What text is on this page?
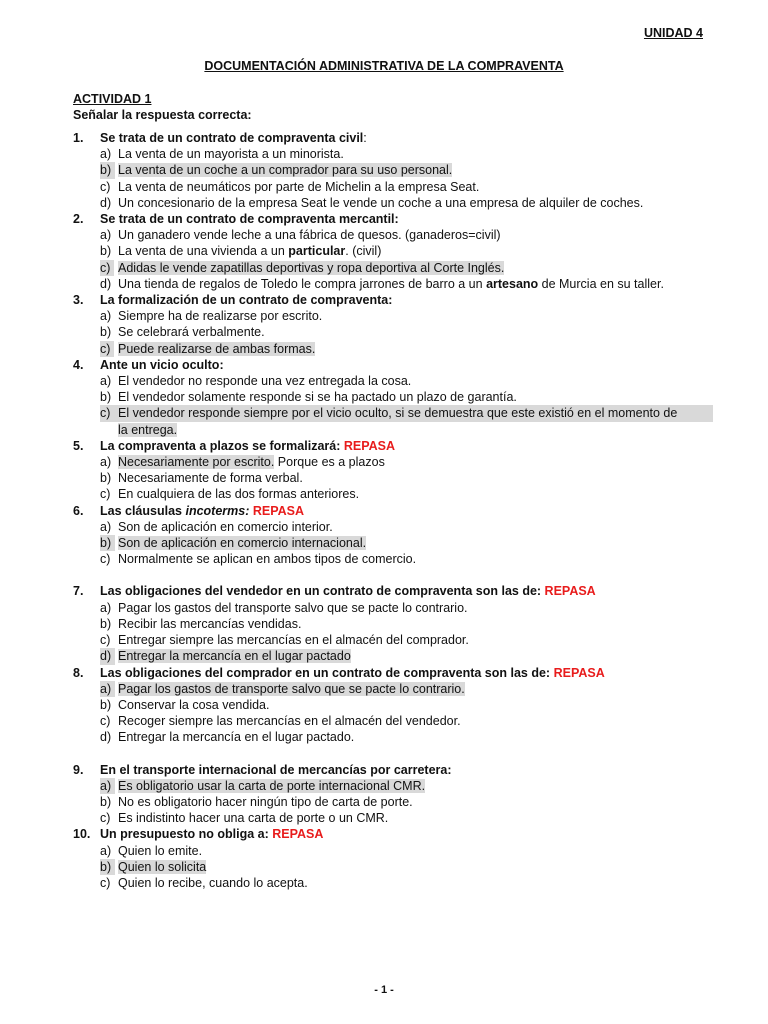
UNIDAD 4
DOCUMENTACIÓN ADMINISTRATIVA DE LA COMPRAVENTA
ACTIVIDAD 1
Señalar la respuesta correcta:
1. Se trata de un contrato de compraventa civil:
a) La venta de un mayorista a un minorista.
b) La venta de un coche a un comprador para su uso personal.
c) La venta de neumáticos por parte de Michelin a la empresa Seat.
d) Un concesionario de la empresa Seat le vende un coche a una empresa de alquiler de coches.
2. Se trata de un contrato de compraventa mercantil:
a) Un ganadero vende leche a una fábrica de quesos. (ganaderos=civil)
b) La venta de una vivienda a un particular. (civil)
c) Adidas le vende zapatillas deportivas y ropa deportiva al Corte Inglés.
d) Una tienda de regalos de Toledo le compra jarrones de barro a un artesano de Murcia en su taller.
3. La formalización de un contrato de compraventa:
a) Siempre ha de realizarse por escrito.
b) Se celebrará verbalmente.
c) Puede realizarse de ambas formas.
4. Ante un vicio oculto:
a) El vendedor no responde una vez entregada la cosa.
b) El vendedor solamente responde si se ha pactado un plazo de garantía.
c) El vendedor responde siempre por el vicio oculto, si se demuestra que este existió en el momento de
la entrega.
5. La compraventa a plazos se formalizará: REPASA
a) Necesariamente por escrito. Porque es a plazos
b) Necesariamente de forma verbal.
c) En cualquiera de las dos formas anteriores.
6. Las cláusulas incoterms: REPASA
a) Son de aplicación en comercio interior.
b) Son de aplicación en comercio internacional.
c) Normalmente se aplican en ambos tipos de comercio.
7. Las obligaciones del vendedor en un contrato de compraventa son las de: REPASA
a) Pagar los gastos del transporte salvo que se pacte lo contrario.
b) Recibir las mercancías vendidas.
c) Entregar siempre las mercancías en el almacén del comprador.
d) Entregar la mercancía en el lugar pactado
8. Las obligaciones del comprador en un contrato de compraventa son las de: REPASA
a) Pagar los gastos de transporte salvo que se pacte lo contrario.
b) Conservar la cosa vendida.
c) Recoger siempre las mercancías en el almacén del vendedor.
d) Entregar la mercancía en el lugar pactado.
9. En el transporte internacional de mercancías por carretera:
a) Es obligatorio usar la carta de porte internacional CMR.
b) No es obligatorio hacer ningún tipo de carta de porte.
c) Es indistinto hacer una carta de porte o un CMR.
10. Un presupuesto no obliga a: REPASA
a) Quien lo emite.
b) Quien lo solicita
c) Quien lo recibe, cuando lo acepta.
- 1 -
